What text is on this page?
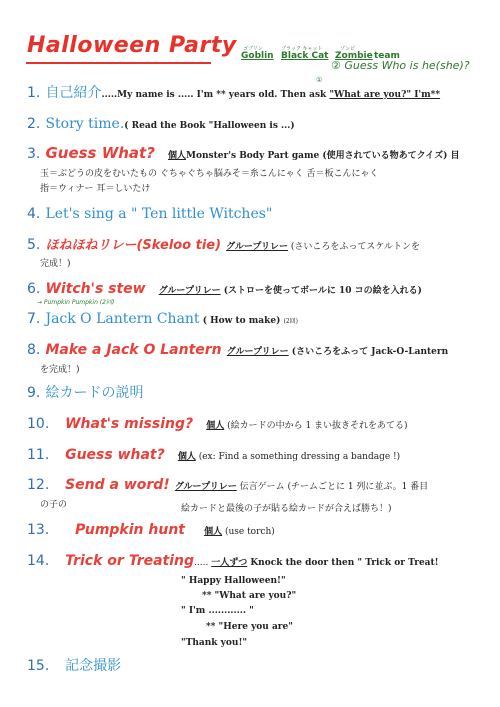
Halloween Party ゴブリン
Goblin
ブラック キャット
Black Cat
ゾンビ
Zombie team
② Guess Who is he(she)?
①
1. 自己紹介.....My name is ..... I'm ** years old. Then ask "What are you?" I'm**
2. Story time.( Read the Book "Halloween is ...)
3. Guess What? 個人Monster's Body Part game (使用されている物あてクイズ) 目
玉＝ぶどうの皮をむいたもの ぐちゃぐちゃ脳みそ＝糸こんにゃく 舌＝板こんにゃく
指＝ウィナー 耳＝しいたけ
4. Let's sing a " Ten little Witches"
5. ほねほねリレー(Skeloo tie) グループリレー (さいころをふってスケルトンを
完成！)
6. Witch's stew グループリレー (ストローを使ってボールに 10 コの絵を入れる)
→ Pumpkin Pumpkin (2回)
7. Jack O Lantern Chant ( How to make) (2回)
8. Make a Jack O Lantern グループリレー (さいころをふって Jack-O-Lantern
を完成！)
9. 絵カードの説明
10. What's missing? 個人 (絵カードの中から 1 まい抜きそれをあてる)
11. Guess what? 個人 (ex: Find a something dressing a bandage !)
12. Send a word! グループリレー 伝言ゲーム (チームごとに 1 列に並ぶ。1 番目
の子の	絵カードと最後の子が貼る絵カードが合えば勝ち！)
13. Pumpkin hunt 個人 (use torch)
14. Trick or Treating..... 一人ずつ Knock the door then " Trick or Treat!
" Happy Halloween!"
** "What are you?"
" I'm ............ "
** "Here you are"
"Thank you!"
15. 記念撮影
